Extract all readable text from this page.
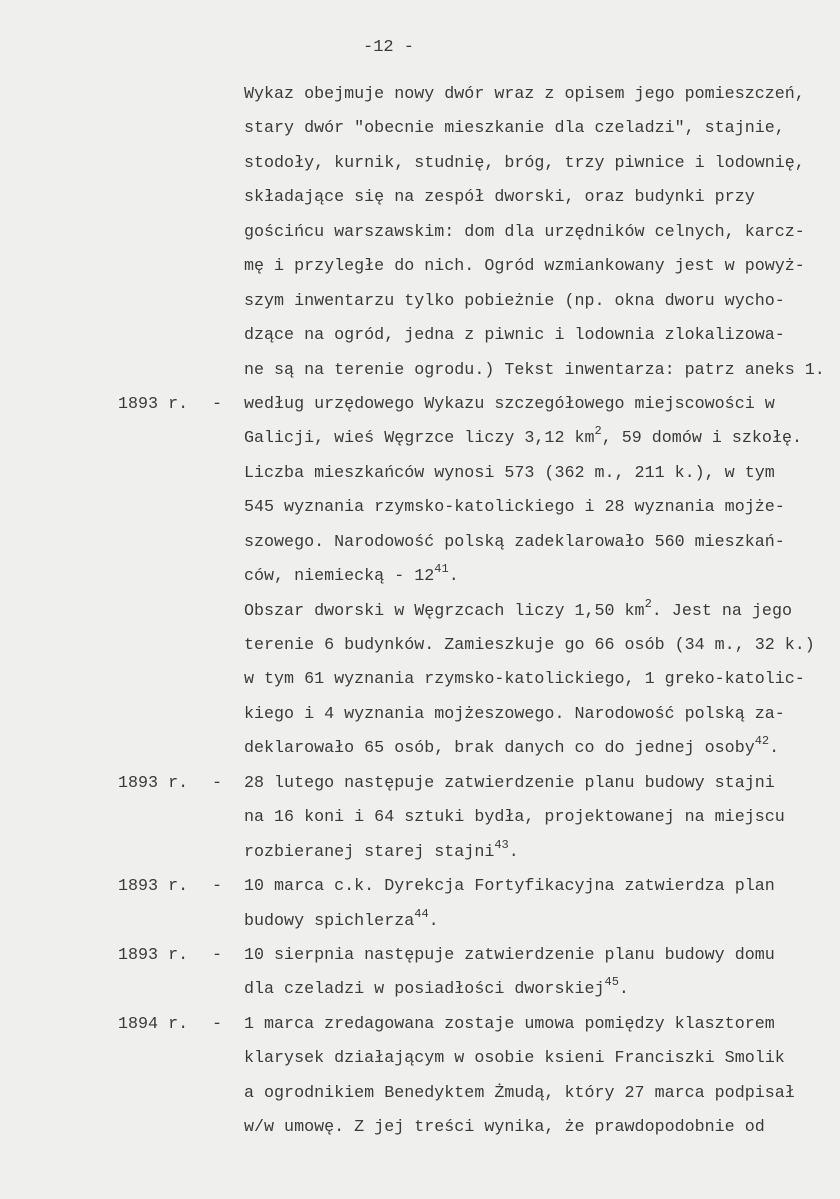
-12 -
Wykaz obejmuje nowy dwór wraz z opisem jego pomieszczeń,
stary dwór "obecnie mieszkanie dla czeladzi", stajnie,
stodoły, kurnik, studnię, bróg, trzy piwnice i lodownię,
składające się na zespół dworski, oraz budynki przy
gościńcu warszawskim: dom dla urzędników celnych, karcz-
mę i przyległe do nich. Ogród wzmiankowany jest w powyż-
szym inwentarzu tylko pobieżnie (np. okna dworu wycho-
dzące na ogród, jedna z piwnic i lodownia zlokalizowa-
ne są na terenie ogrodu.) Tekst inwentarza: patrz aneks 1.
1893 r. - według urzędowego Wykazu szczegółowego miejscowości w
Galicji, wieś Węgrzce liczy 3,12 $km^2$, 59 domów i szkołę.
Liczba mieszkańców wynosi 573 (362 m., 211 k.), w tym
545 wyznania rzymsko-katolickiego i 28 wyznania mojże-
szowego. Narodowość polską zadeklarowało 560 mieszkań-
ców, niemiecką - $12^{41}$.
Obszar dworski w Węgrzcach liczy 1,50 $km^2$. Jest na jego
terenie 6 budynków. Zamieszkuje go 66 osób (34 m., 32 k.)
w tym 61 wyznania rzymsko-katolickiego, 1 greko-katolic-
kiego i 4 wyznania mojżeszowego. Narodowość polską za-
deklarowało 65 osób, brak danych co do jednej osoby$^{42}$.
1893 r. - 28 lutego następuje zatwierdzenie planu budowy stajni
na 16 koni i 64 sztuki bydła, projektowanej na miejscu
rozbieranej starej stajni$^{43}$.
1893 r. - 10 marca c.k. Dyrekcja Fortyfikacyjna zatwierdza plan
budowy spichlerza$^{44}$.
1893 r. - 10 sierpnia następuje zatwierdzenie planu budowy domu
dla czeladzi w posiadłości dworskiej$^{45}$.
1894 r. - 1 marca zredagowana zostaje umowa pomiędzy klasztorem
klarysek działającym w osobie ksieni Franciszki Smolik
a ogrodnikiem Benedyktem Żmudą, który 27 marca podpisał
w/w umowę. Z jej treści wynika, że prawdopodobnie od
